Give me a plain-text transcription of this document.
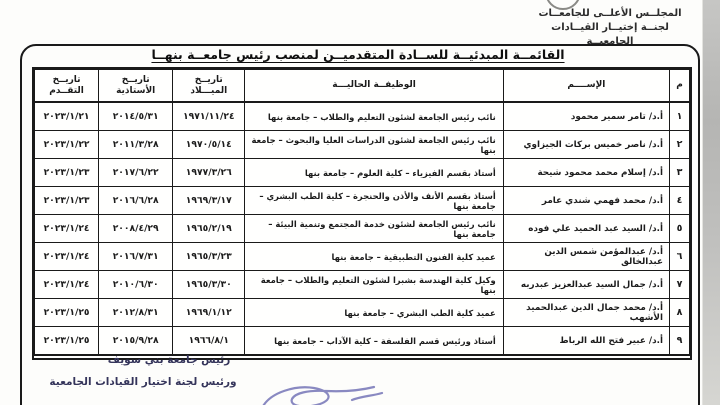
المجلــس الأعلــى للجامعــات
لجنــة إختيــار القيــادات الجامعيــة
القائمــة المبدئيــة للســادة المتقدميــن لمنصب رئيس جامعــة بنهــا
م	الإســــم	الوظيفــة الحاليـــة	تاريــخ الميـــلاد	تاريــخ الأستاذية	تاريــخ التقــدم
١	أ.د/ تامر سمير محمود	نائب رئيس الجامعة لشئون التعليم والطلاب – جامعة بنها	١٩٧١/١١/٢٤	٢٠١٤/٥/٣١	٢٠٢٣/١/٢١
٢	أ.د/ ناصر خميس بركات الجيزاوي	نائب رئيس الجامعة لشئون الدراسات العليا والبحوث – جامعة بنها	١٩٧٠/٥/١٤	٢٠١١/٣/٢٨	٢٠٢٣/١/٢٢
٣	أ.د/ إسلام محمد محمود شيحة	أستاذ بقسم الفيزياء – كلية العلوم – جامعة بنها	١٩٧٧/٣/٢٦	٢٠١٧/٦/٢٢	٢٠٢٣/١/٢٣
٤	أ.د/ محمد فهمي شندي عامر	أستاذ بقسم الأنف والأذن والحنجرة – كلية الطب البشري – جامعة بنها	١٩٦٩/٣/١٧	٢٠١٦/٦/٢٨	٢٠٢٣/١/٢٣
٥	أ.د/ السيد عبد الحميد علي فوده	نائب رئيس الجامعة لشئون خدمة المجتمع وتنمية البيئة – جامعة بنها	١٩٦٥/٢/١٩	٢٠٠٨/٤/٢٩	٢٠٢٣/١/٢٤
٦	أ.د/ عبدالمؤمن شمس الدين عبدالخالق	عميد كلية الفنون التطبيقية – جامعة بنها	١٩٦٥/٣/٢٣	٢٠١٦/٧/٣١	٢٠٢٣/١/٢٤
٧	أ.د/ جمال السيد عبدالعزيز عبدربه	وكيل كلية الهندسة بشبرا لشئون التعليم والطلاب – جامعة بنها	١٩٦٥/٣/٣٠	٢٠١٠/٦/٣٠	٢٠٢٣/١/٢٤
٨	أ.د/ محمد جمال الدين عبدالحميد الأشهب	عميد كلية الطب البشري – جامعة بنها	١٩٦٩/١/١٢	٢٠١٢/٨/٣١	٢٠٢٣/١/٢٥
٩	أ.د/ عبير فتح الله الرباط	أستاذ ورئيس قسم الفلسفة – كلية الآداب – جامعة بنها	١٩٦٦/٨/١	٢٠١٥/٩/٢٨	٢٠٢٣/١/٢٥
رئيس جامعة بني سويف
ورئيس لجنة اختيار القيادات الجامعية
